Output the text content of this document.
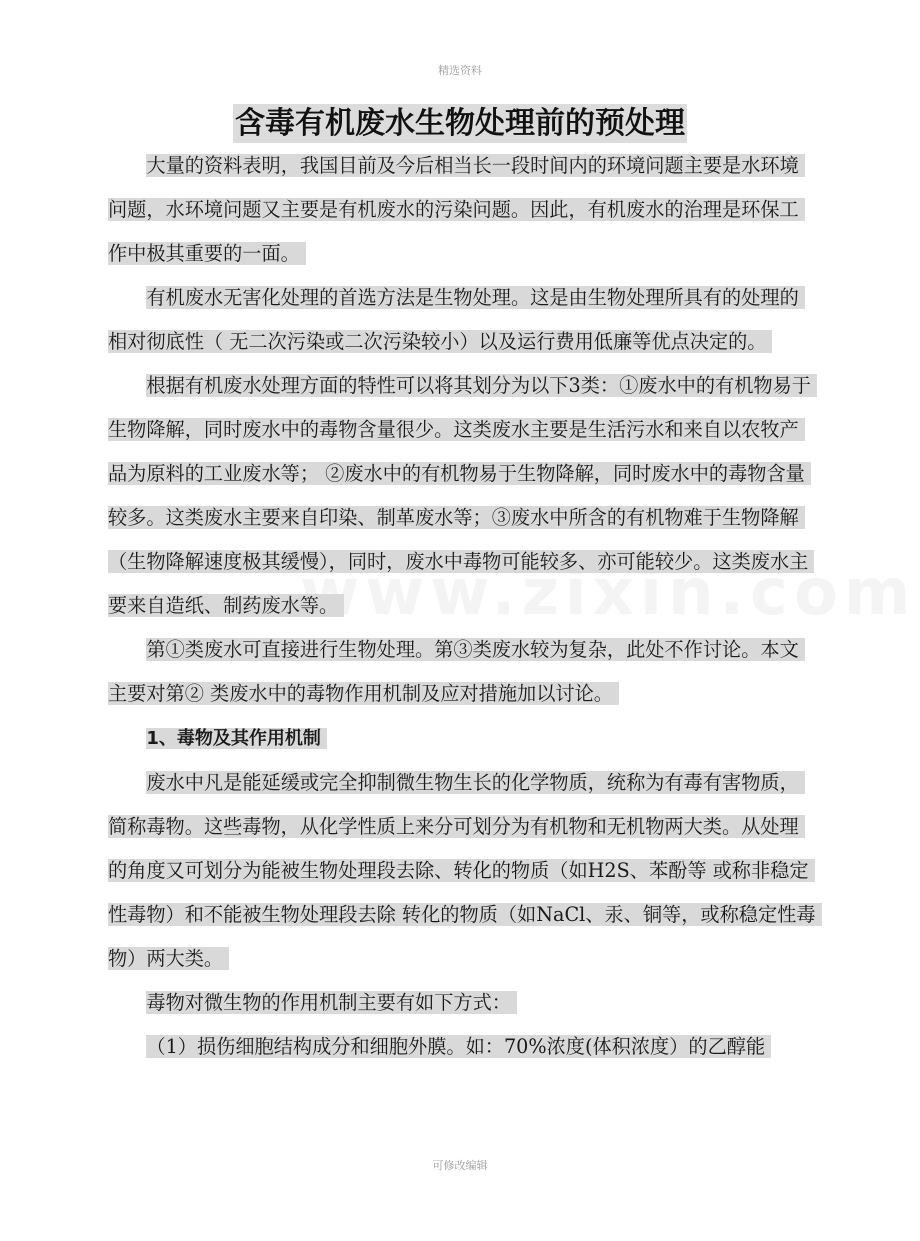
精选资料
含毒有机废水生物处理前的预处理

大量的资料表明，我国目前及今后相当长一段时间内的环境问题主要是水环境问题，水环境问题又主要是有机废水的污染问题。因此，有机废水的治理是环保工作中极其重要的一面。

有机废水无害化处理的首选方法是生物处理。这是由生物处理所具有的处理的相对彻底性（ 无二次污染或二次污染较小）以及运行费用低廉等优点决定的。

根据有机废水处理方面的特性可以将其划分为以下3类：①废水中的有机物易于生物降解，同时废水中的毒物含量很少。这类废水主要是生活污水和来自以农牧产品为原料的工业废水等； ②废水中的有机物易于生物降解，同时废水中的毒物含量较多。这类废水主要来自印染、制革废水等；③废水中所含的有机物难于生物降解（生物降解速度极其缓慢），同时，废水中毒物可能较多、亦可能较少。这类废水主要来自造纸、制药废水等。

第①类废水可直接进行生物处理。第③类废水较为复杂，此处不作讨论。本文主要对第② 类废水中的毒物作用机制及应对措施加以讨论。

1、毒物及其作用机制

废水中凡是能延缓或完全抑制微生物生长的化学物质，统称为有毒有害物质，简称毒物。这些毒物，从化学性质上来分可划分为有机物和无机物两大类。从处理的角度又可划分为能被生物处理段去除、转化的物质（如H2S、苯酚等 或称非稳定性毒物）和不能被生物处理段去除 转化的物质（如NaCl、汞、铜等，或称稳定性毒物）两大类。

毒物对微生物的作用机制主要有如下方式：

（1）损伤细胞结构成分和细胞外膜。如：70%浓度(体积浓度）的乙醇能

可修改编辑
